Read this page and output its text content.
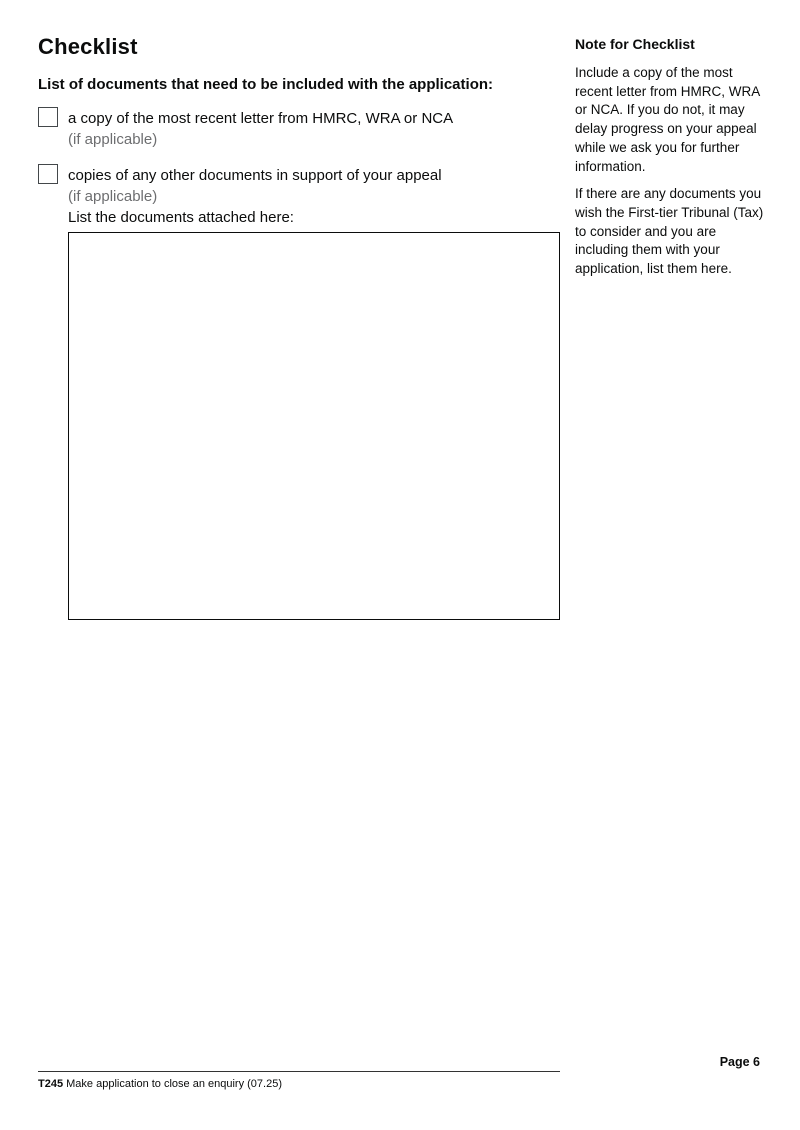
Checklist
List of documents that need to be included with the application:
a copy of the most recent letter from HMRC, WRA or NCA
(if applicable)
copies of any other documents in support of your appeal
(if applicable)
List the documents attached here:
Note for Checklist

Include a copy of the most recent letter from HMRC, WRA or NCA. If you do not, it may delay progress on your appeal while we ask you for further information.

If there are any documents you wish the First-tier Tribunal (Tax) to consider and you are including them with your application, list them here.

Page 6
T245 Make application to close an enquiry (07.25)
